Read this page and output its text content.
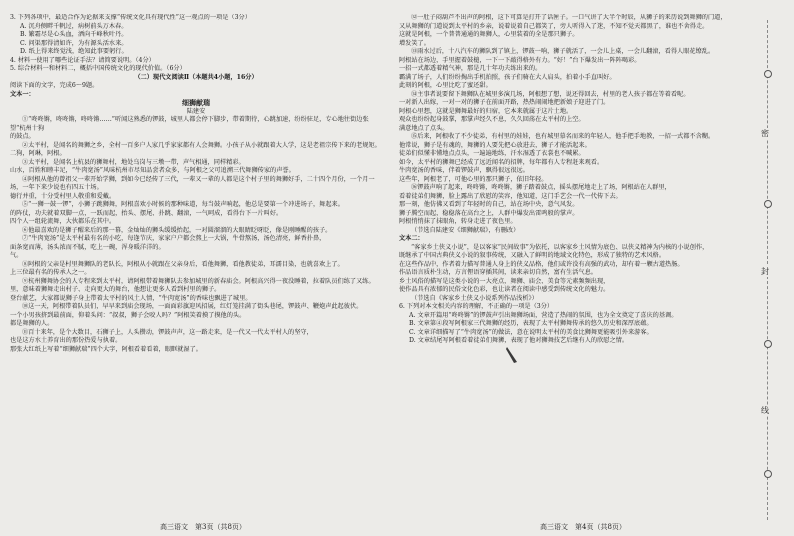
3. 下列各项中，最适合作为论据来支撑“传统文化具有现代性”这一观点的一项是（3分）

A. 沉舟侧畔千帆过，病树前头万木春。

B. 繁霜尽是心头血，洒向千峰秋叶丹。

C. 问渠那得清如许，为有源头活水来。

D. 纸上得来终觉浅，绝知此事要躬行。

4. 材料一使用了哪些论证手法？请简要说明。（4分）

5. 综合材料一和材料二，概括中国传统文化的现代价值。（6分）

（二）现代文阅读Ⅱ（本题共4小题，16分）

阅读下面的文字，完成6～9题。

文本一：

细狮献瑞

陆建安

①“咚咚锵，咚咚锵，咚咚锵……”听闻这熟悉的锣鼓，城里人都会停下脚步，带着期待，心跳加速，纷纷驻足，专心地往街边张望“杭州十狗

的鼓点。

②太平村，是闻名的舞狮之乡，全村一百多户人家几乎家家都有人会舞狮。小孩子从小就跟着大人学，这是老祖宗传下来的老规矩。

二狗，阿琳，阿根。

③太平村，是闻名上杭县的狮舞村，地处乌岗与三墩一带，声气相通，同样精彩。

山水，百姓和睦丰足，“牛肉宽汤”风味杭州市尽知品尝者众多，与阿根之父可追溯三代舞狮传家的声誉。

④阿根从他的曾祖父一辈开始学狮，到如今已经传了三代，一辈又一辈的人都是这个村子里的舞狮好手，二十四个月份，一个月一场，一年下来少说也有四五十场。

德行并重，十分受村里人敬重和爱戴。

⑤“一狮一鼓一锣”，小狮子跳狮舞，阿根喜欢小时候的那种味道，每当鼓声响起，他总是要第一个冲进场子，舞起来。

的阵仗，功夫就着双脚一点，一跃而起，抬头、摆尾、扑跳、翻滚，一气呵成，看得台下一片叫好。

四个人一组轮流舞，大伙都乐在其中。

⑥他最喜欢的是狮子醒来后的那一幕，金灿灿的狮头缓缓抬起，一对圆溜溜的大眼睛眨呀眨，像是刚睡醒的孩子。

⑦“牛肉宽汤”是太平村最有名的小吃，每逢节庆，家家户户都会熬上一大锅，牛骨熬汤，汤色清亮，鲜香扑鼻，

面条宽而薄，汤头浓而不腻，吃上一碗，浑身暖洋洋的。

气。

⑧阿根的父亲是村里舞狮队的老队长，阿根从小就跟在父亲身后，看他舞狮，看他教徒弟，耳濡目染，也就喜欢上了。

上三位最有名的传承人之一。

⑨杭州狮舞协会的人专程来到太平村，请阿根带着舞狮队去参加城里的新春庙会。阿根高兴得一夜没睡着，拉着队员们练了又练。

里，意味着狮舞走出村子、走向更大的舞台，他想让更多人看到村里的狮子。

登台献艺，大家都说狮子身上带着太平村的风土人情，“牛肉宽汤”的香味也飘进了城里。

⑩这一天，阿根带着队员们，早早来到庙会现场，一面面彩旗迎风招展，红灯笼挂满了街头巷尾，锣鼓声、鞭炮声此起彼伏。

一个小男孩挤到最前面，仰着头问：“叔叔，狮子会咬人吗？”阿根笑着摸了摸他的头。

都是舞狮的人。

⑪百十来年，是个大数目，石狮子上，人头攒动，锣鼓声声，这一路走来，是一代又一代太平村人的坚守，

也是这方水土养育出的那份热爱与执着。

那张大红纸上写着“细狮献瑞”四个大字，阿根看着看着，眼眶就湿了。

高三语文　第3页（共8页）

⑫一肚子闷葫芦不出声的阿根，这下可算是打开了话匣子。一口气讲了大半个时辰，从狮子的来历说到舞狮的门道，

又从舞狮的门道说到太平村的乡亲，说着说着自己都笑了，旁人听得入了迷，不知不觉天都黑了，谁也不舍得走。

这就是阿根，一个普普通通的舞狮人，心里装着的全是那只狮子。

增发笑了。

⑬雨水过后，十八汽车的狮队到了镇上，锣鼓一响，狮子就活了，一会儿上桌，一会儿翻滚，看得人眼花缭乱。

阿根站在场边，手里握着鼓槌，一下一下敲得格外有力。“好！”台下爆发出一阵阵喝彩。

一招一式都透着精气神，那是几十年功夫练出来的。

霸满了场子，人们纷纷掏出手机拍照，孩子们骑在大人肩头，拍着小手直叫好。

此刻的阿根，心里比吃了蜜还甜。

⑭主事者说要留下舞狮队在城里多演几场，阿根想了想，说还得回去，村里的老人孩子都在等着看呢。

一对新人出嫁，一对一对的狮子在前面开路，热热闹闹地把新娘子迎进了门。

阿根心里想，这就是狮舞最好的归宿，它本来就属于这片土地。

观众也纷纷起身鼓掌，那掌声经久不息，久久回荡在太平村的上空。

满意地点了点头。

⑮后来，阿根收了不少徒弟，有村里的娃娃，也有城里慕名而来的年轻人，他手把手地教，一招一式都不含糊。

他常说，狮子是有魂的，舞狮的人要先把心放进去，狮子才能活起来。

徒弟们似懂非懂地点点头，一遍遍地练，汗水湿透了衣裳也不喊累。

如今，太平村的狮舞已经成了远近闻名的招牌，每年都有人专程赶来观看。

牛肉宽汤的香味，伴着锣鼓声，飘得很远很远。

这些年，阿根老了，可他心里的那只狮子，依旧年轻。

⑯锣鼓声响了起来，咚咚锵，咚咚锵，狮子踏着鼓点，摇头摆尾地走上了场，阿根站在人群里，

看着徒弟们舞狮，脸上露出了欣慰的笑容，他知道，这门手艺会一代一代传下去。

那一刻，他仿佛又看到了年轻时的自己，站在场中央，意气风发。

狮子腾空而起，稳稳落在高台之上，人群中爆发出雷鸣般的掌声。

阿根悄悄抹了抹眼角，转身走进了夜色里。

（节选自陆建安《细狮献瑞》，有删改）

文本二：

“客家乡土侠义小说”，是以客家“民间故事”为依托，以客家乡土风情为底色、以侠义精神为内核的小说创作，

既继承了中国古典侠义小说的叙事传统，又融入了鲜明的地域文化特色，形成了独特的艺术风格。

在这些作品中，作者着力描写普通人身上的侠义品格，他们或许没有高强的武功，却有着一颗古道热肠。

作品语言质朴生动，方言俚语穿插其间，读来亲切自然，富有生活气息。

乡土风俗的描写是这类小说的一大亮点，舞狮、庙会、美食等元素频频出现，

使作品具有浓郁的民俗文化色彩，也让读者在阅读中感受到传统文化的魅力。

（节选自《客家乡土侠义小说系列作品浅析》）

6. 下列对本文相关内容的理解，不正确的一项是（3分）

A. 文章开篇用“咚咚锵”的锣鼓声引出舞狮场面，营造了热闹的氛围，也为全文奠定了喜庆的基调。

B. 文章第④段写阿根家三代舞狮的经历，表现了太平村狮舞传承的悠久历史和深厚底蕴。

C. 文章详细描写了“牛肉宽汤”的做法，意在说明太平村的美食比狮舞更能吸引外来游客。

D. 文章结尾写阿根看着徒弟们舞狮，表现了他对狮舞技艺后继有人的欣慰之情。

高三语文　第4页（共8页）
密
封
线
